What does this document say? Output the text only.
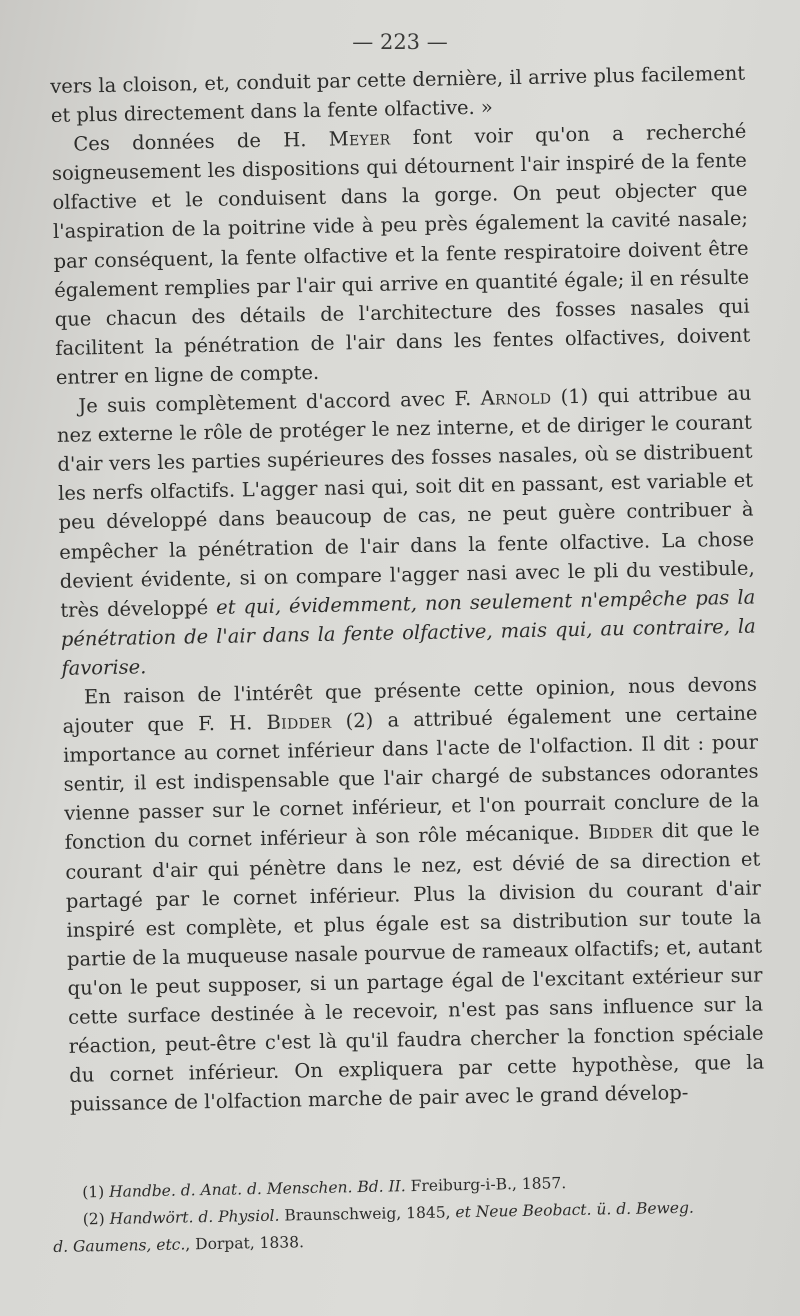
— 223 —

vers la cloison, et, conduit par cette dernière, il arrive plus facilement et plus directement dans la fente olfactive. »

Ces données de H. Meyer font voir qu'on a recherché soigneusement les dispositions qui détournent l'air inspiré de la fente olfactive et le conduisent dans la gorge. On peut objecter que l'aspiration de la poitrine vide à peu près également la cavité nasale; par conséquent, la fente olfactive et la fente respiratoire doivent être également remplies par l'air qui arrive en quantité égale; il en résulte que chacun des détails de l'architecture des fosses nasales qui facilitent la pénétration de l'air dans les fentes olfactives, doivent entrer en ligne de compte.

Je suis complètement d'accord avec F. Arnold (1) qui attribue au nez externe le rôle de protéger le nez interne, et de diriger le courant d'air vers les parties supérieures des fosses nasales, où se distribuent les nerfs olfactifs. L'agger nasi qui, soit dit en passant, est variable et peu développé dans beaucoup de cas, ne peut guère contribuer à empêcher la pénétration de l'air dans la fente olfactive. La chose devient évidente, si on compare l'agger nasi avec le pli du vestibule, très développé et qui, évidemment, non seulement n'empêche pas la pénétration de l'air dans la fente olfactive, mais qui, au contraire, la favorise.

En raison de l'intérêt que présente cette opinion, nous devons ajouter que F. H. Bidder (2) a attribué également une certaine importance au cornet inférieur dans l'acte de l'olfaction. Il dit : pour sentir, il est indispensable que l'air chargé de substances odorantes vienne passer sur le cornet inférieur, et l'on pourrait conclure de la fonction du cornet inférieur à son rôle mécanique. Bidder dit que le courant d'air qui pénètre dans le nez, est dévié de sa direction et partagé par le cornet inférieur. Plus la division du courant d'air inspiré est complète, et plus égale est sa distribution sur toute la partie de la muqueuse nasale pourvue de rameaux olfactifs; et, autant qu'on le peut supposer, si un partage égal de l'excitant extérieur sur cette surface destinée à le recevoir, n'est pas sans influence sur la réaction, peut-être c'est là qu'il faudra chercher la fonction spéciale du cornet inférieur. On expliquera par cette hypothèse, que la puissance de l'olfaction marche de pair avec le grand dévelop-

(1) Handbe. d. Anat. d. Menschen. Bd. II. Freiburg-i-B., 1857.

(2) Handwört. d. Physiol. Braunschweig, 1845, et Neue Beobact. ü. d. Beweg.

d. Gaumens, etc., Dorpat, 1838.
